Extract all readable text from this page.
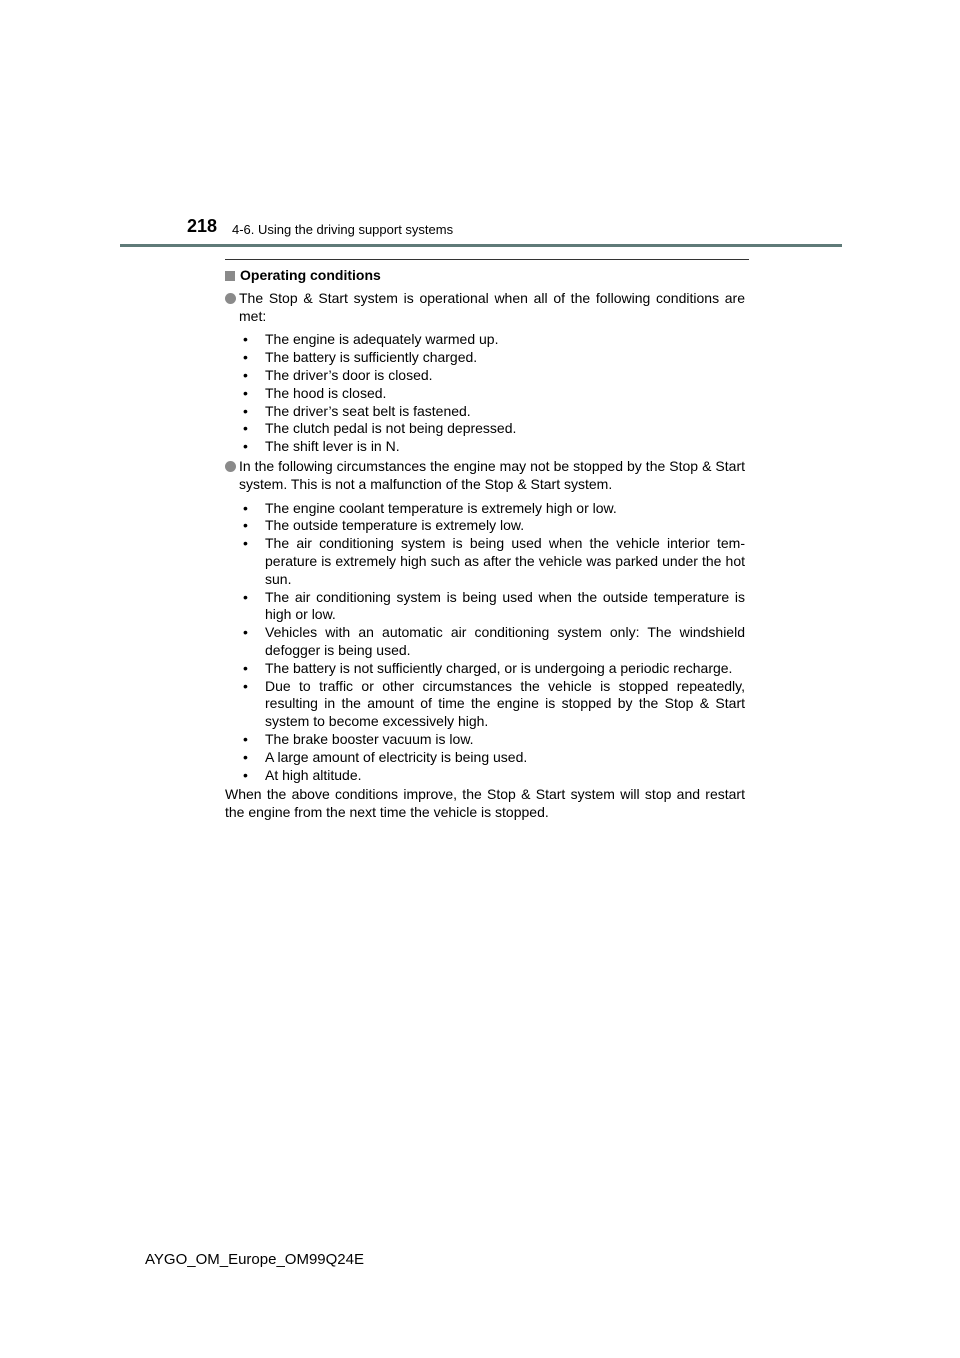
218 4-6. Using the driving support systems
Operating conditions
The Stop & Start system is operational when all of the following conditions are met:
• The engine is adequately warmed up.
• The battery is sufficiently charged.
• The driver’s door is closed.
• The hood is closed.
• The driver’s seat belt is fastened.
• The clutch pedal is not being depressed.
• The shift lever is in N.
In the following circumstances the engine may not be stopped by the Stop & Start system. This is not a malfunction of the Stop & Start system.
• The engine coolant temperature is extremely high or low.
• The outside temperature is extremely low.
• The air conditioning system is being used when the vehicle interior tem-perature is extremely high such as after the vehicle was parked under the hot sun.
• The air conditioning system is being used when the outside temperature is high or low.
• Vehicles with an automatic air conditioning system only: The windshield defogger is being used.
• The battery is not sufficiently charged, or is undergoing a periodic recharge.
• Due to traffic or other circumstances the vehicle is stopped repeatedly, resulting in the amount of time the engine is stopped by the Stop & Start system to become excessively high.
• The brake booster vacuum is low.
• A large amount of electricity is being used.
• At high altitude.
When the above conditions improve, the Stop & Start system will stop and restart the engine from the next time the vehicle is stopped.
AYGO_OM_Europe_OM99Q24E
